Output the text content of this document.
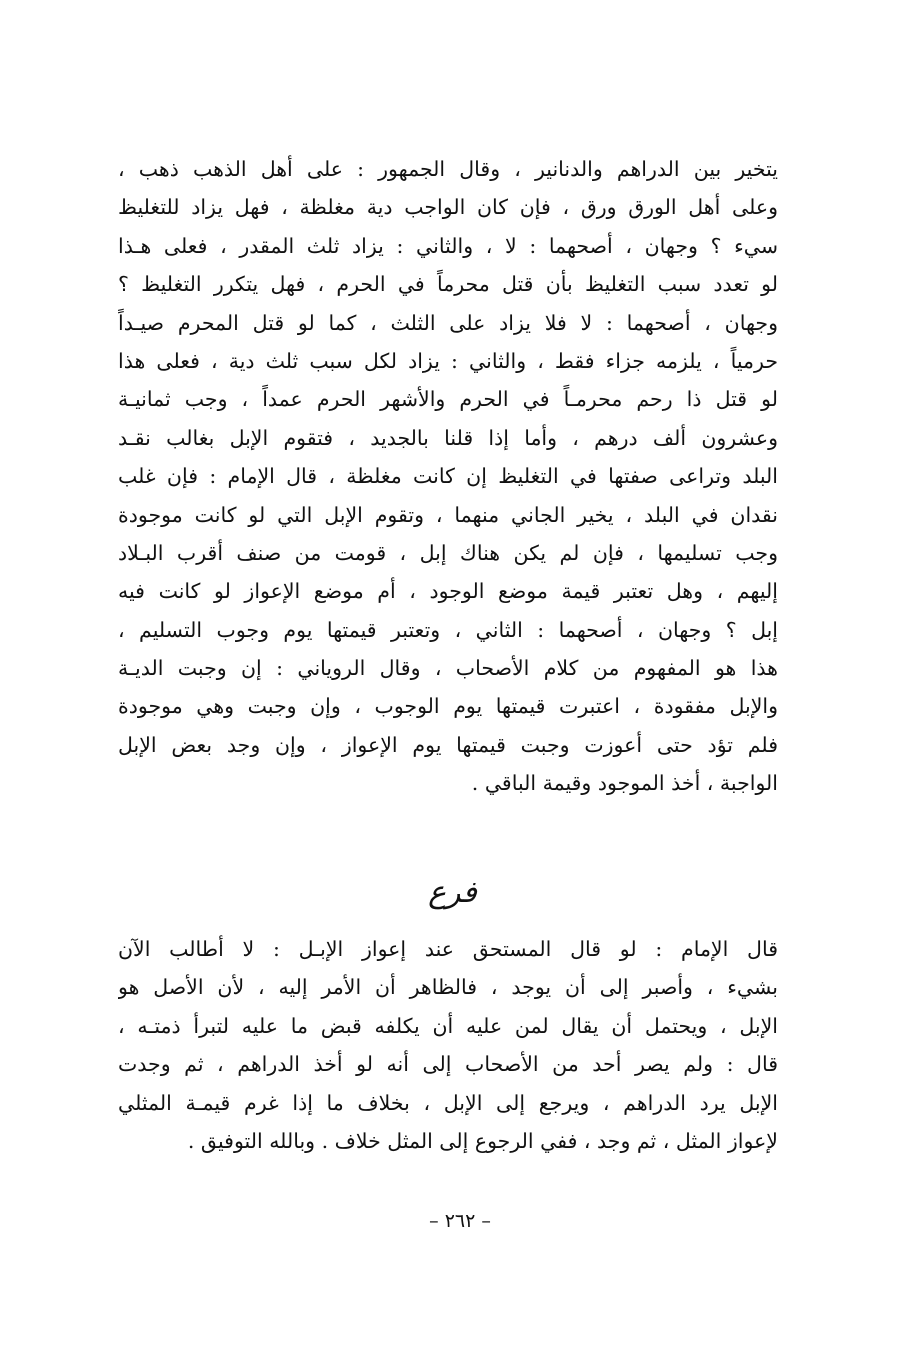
يتخير بين الدراهم والدنانير ، وقال الجمهور : على أهل الذهب ذهب ،
وعلى أهل الورق ورق ، فإن كان الواجب دية مغلظة ، فهل يزاد للتغليظ
سيء ؟ وجهان ، أصحهما : لا ، والثاني : يزاد ثلث المقدر ، فعلى هـذا
لو تعدد سبب التغليظ بأن قتل محرماً في الحرم ، فهل يتكرر التغليظ ؟
وجهان ، أصحهما : لا فلا يزاد على الثلث ، كما لو قتل المحرم صيـداً
حرمياً ، يلزمه جزاء فقط ، والثاني : يزاد لكل سبب ثلث دية ، فعلى هذا
لو قتل ذا رحم محرمـاً في الحرم والأشهر الحرم عمداً ، وجب ثمانيـة
وعشرون ألف درهم ، وأما إذا قلنا بالجديد ، فتقوم الإبل بغالب نقـد
البلد وتراعى صفتها في التغليظ إن كانت مغلظة ، قال الإمام : فإن غلب
نقدان في البلد ، يخير الجاني منهما ، وتقوم الإبل التي لو كانت موجودة
وجب تسليمها ، فإن لم يكن هناك إبل ، قومت من صنف أقرب البـلاد
إليهم ، وهل تعتبر قيمة موضع الوجود ، أم موضع الإعواز لو كانت فيه
إبل ؟ وجهان ، أصحهما : الثاني ، وتعتبر قيمتها يوم وجوب التسليم ،
هذا هو المفهوم من كلام الأصحاب ، وقال الروياني : إن وجبت الديـة
والإبل مفقودة ، اعتبرت قيمتها يوم الوجوب ، وإن وجبت وهي موجودة
فلم تؤد حتى أعوزت وجبت قيمتها يوم الإعواز ، وإن وجد بعض الإبل
الواجبة ، أخذ الموجود وقيمة الباقي .
فرع
قال الإمام : لو قال المستحق عند إعواز الإبـل : لا أطالب الآن
بشيء ، وأصبر إلى أن يوجد ، فالظاهر أن الأمر إليه ، لأن الأصل هو
الإبل ، ويحتمل أن يقال لمن عليه أن يكلفه قبض ما عليه لتبرأ ذمتـه ،
قال : ولم يصر أحد من الأصحاب إلى أنه لو أخذ الدراهم ، ثم وجدت
الإبل يرد الدراهم ، ويرجع إلى الإبل ، بخلاف ما إذا غرم قيمـة المثلي
لإعواز المثل ، ثم وجد ، ففي الرجوع إلى المثل خلاف . وبالله التوفيق .
– ٢٦٢ –
